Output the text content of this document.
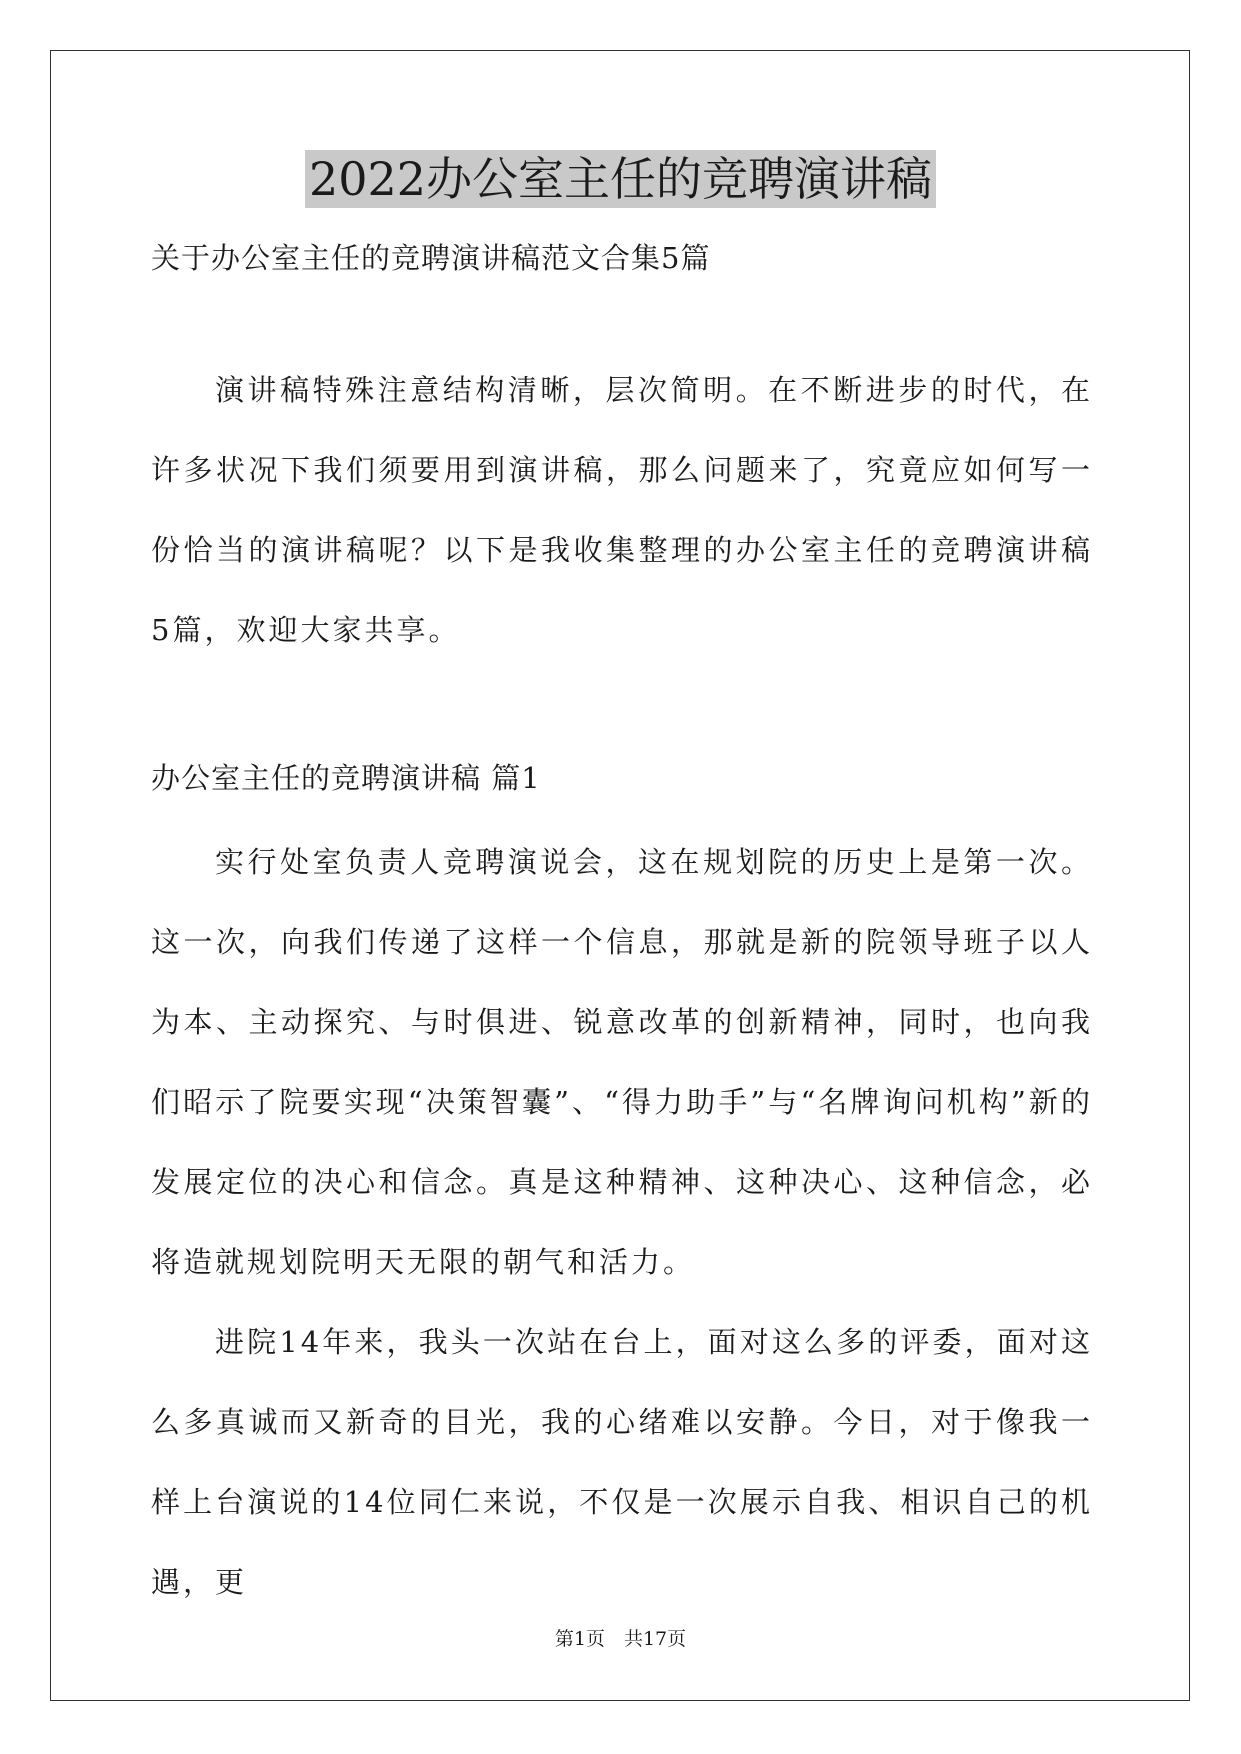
2022办公室主任的竞聘演讲稿

关于办公室主任的竞聘演讲稿范文合集5篇

演讲稿特殊注意结构清晰，层次简明。在不断进步的时代，在许多状况下我们须要用到演讲稿，那么问题来了，究竟应如何写一份恰当的演讲稿呢？以下是我收集整理的办公室主任的竞聘演讲稿5篇，欢迎大家共享。

办公室主任的竞聘演讲稿 篇1

实行处室负责人竞聘演说会，这在规划院的历史上是第一次。这一次，向我们传递了这样一个信息，那就是新的院领导班子以人为本、主动探究、与时俱进、锐意改革的创新精神，同时，也向我们昭示了院要实现“决策智囊”、“得力助手”与“名牌询问机构”新的发展定位的决心和信念。真是这种精神、这种决心、这种信念，必将造就规划院明天无限的朝气和活力。

进院14年来，我头一次站在台上，面对这么多的评委，面对这么多真诚而又新奇的目光，我的心绪难以安静。今日，对于像我一样上台演说的14位同仁来说，不仅是一次展示自我、相识自己的机遇，更

第1页　共17页
